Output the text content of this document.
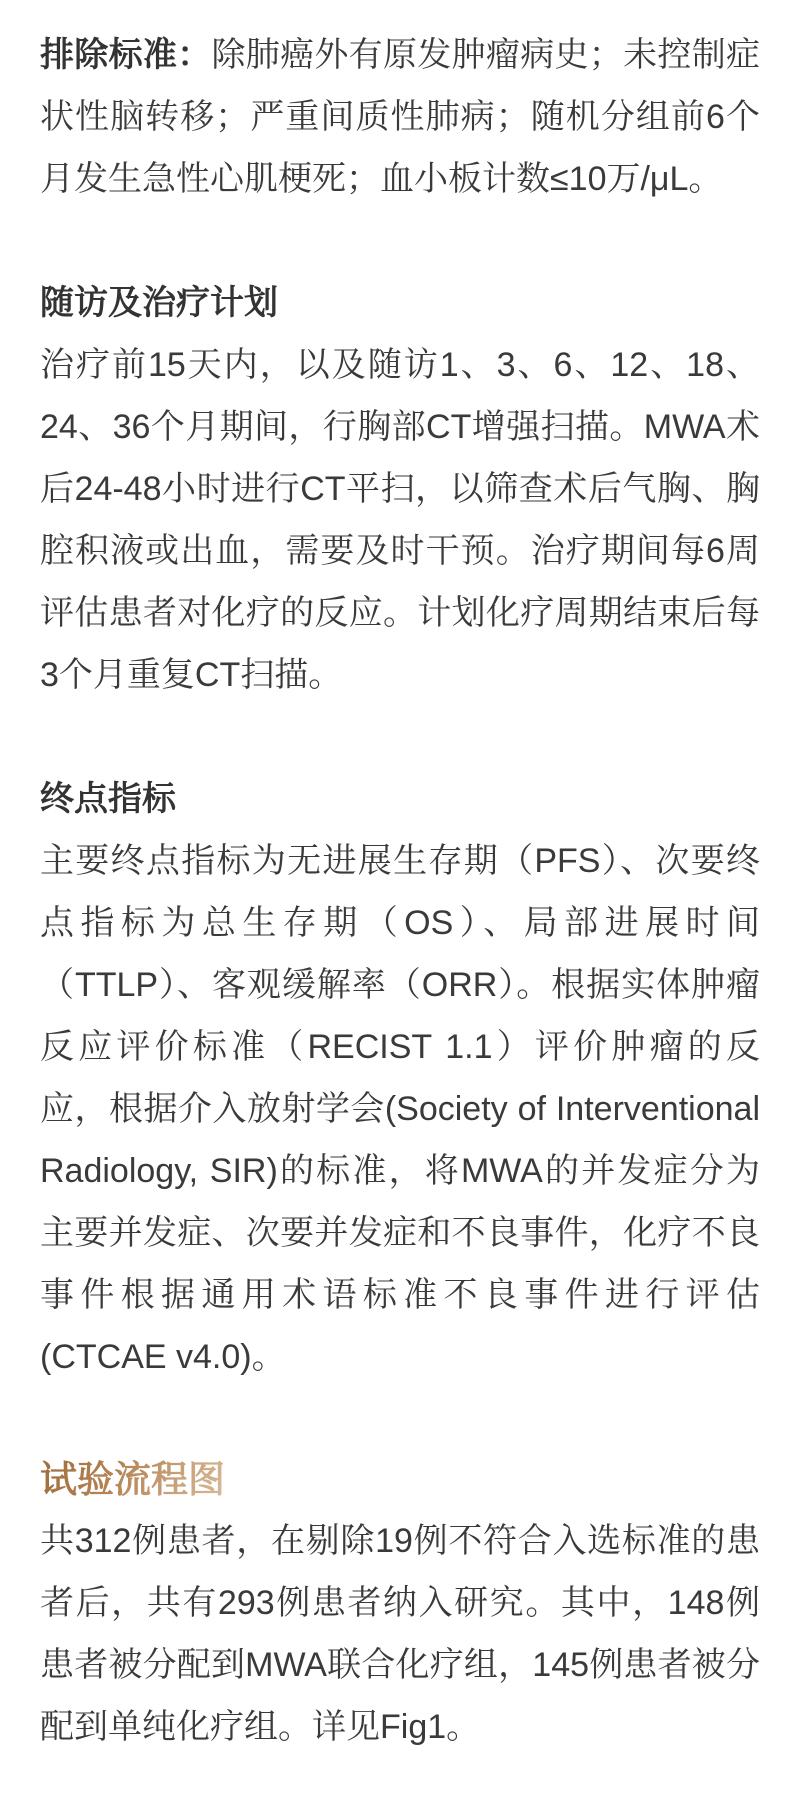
排除标准：除肺癌外有原发肿瘤病史；未控制症状性脑转移；严重间质性肺病；随机分组前6个月发生急性心肌梗死；血小板计数≤10万/μL。

随访及治疗计划

治疗前15天内，以及随访1、3、6、12、18、24、36个月期间，行胸部CT增强扫描。MWA术后24-48小时进行CT平扫，以筛查术后气胸、胸腔积液或出血，需要及时干预。治疗期间每6周评估患者对化疗的反应。计划化疗周期结束后每3个月重复CT扫描。

终点指标

主要终点指标为无进展生存期（PFS）、次要终点指标为总生存期（OS）、局部进展时间（TTLP）、客观缓解率（ORR）。根据实体肿瘤反应评价标准（RECIST 1.1）评价肿瘤的反应，根据介入放射学会(Society of Interventional Radiology, SIR)的标准，将MWA的并发症分为主要并发症、次要并发症和不良事件，化疗不良事件根据通用术语标准不良事件进行评估(CTCAE v4.0)。

试验流程图

共312例患者，在剔除19例不符合入选标准的患者后，共有293例患者纳入研究。其中，148例患者被分配到MWA联合化疗组，145例患者被分配到单纯化疗组。详见Fig1。
